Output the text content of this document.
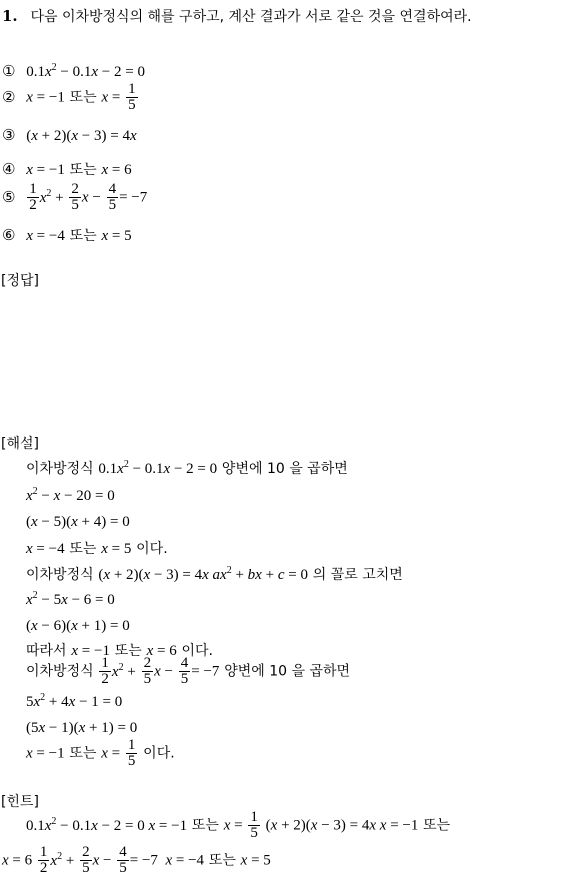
1. 다음 이차방정식의 해를 구하고, 계산 결과가 서로 같은 것을 연결하여라.
① $0.1x^2 - 0.1x - 2 = 0$
② x = −1 또는 $x = \frac{1}{5}$
③ (x + 2)(x − 3) = 4x
④ x = −1 또는 x = 6
⑤ $\frac{1}{2} x^2 + \frac{2}{5}$ $x - \frac{4}{5} = -7$
⑥ x = −4 또는 x = 5
[정답]
[해설]
이차방정식 $0.1x^2 - 0.1x - 2 = 0$ 양변에 10 을 곱하면
$x^2 - x - 20 = 0$
(x − 5)(x + 4) = 0
x = −4 또는 x = 5 이다.
이차방정식 (x + 2)(x − 3) = 4x $ax^2$ + bx + c = 0 의 꼴로 고치면
$x^2 - 5x - 6 = 0$
(x − 6)(x + 1) = 0
따라서 x = −1 또는 x = 6 이다.
이차방정식 $\frac{1}{2} x^2 + \frac{2}{5}$ $x - \frac{4}{5} = -7$ 양변에 10 을 곱하면
$5x^2 + 4x - 1 = 0$
(5x − 1)(x + 1) = 0
x = −1 또는 $x = \frac{1}{5}$ 이다.
[힌트]
$0.1x^2 - 0.1x - 2 = 0$ x = −1 또는 $x = \frac{1}{5} (x + 2)(x - 3) = 4x$ x = −1 또는
$x = 6 \frac{1}{2} x^2 + \frac{2}{5}$ $x - \frac{4}{5} = -7$  x = −4 또는 x = 5
